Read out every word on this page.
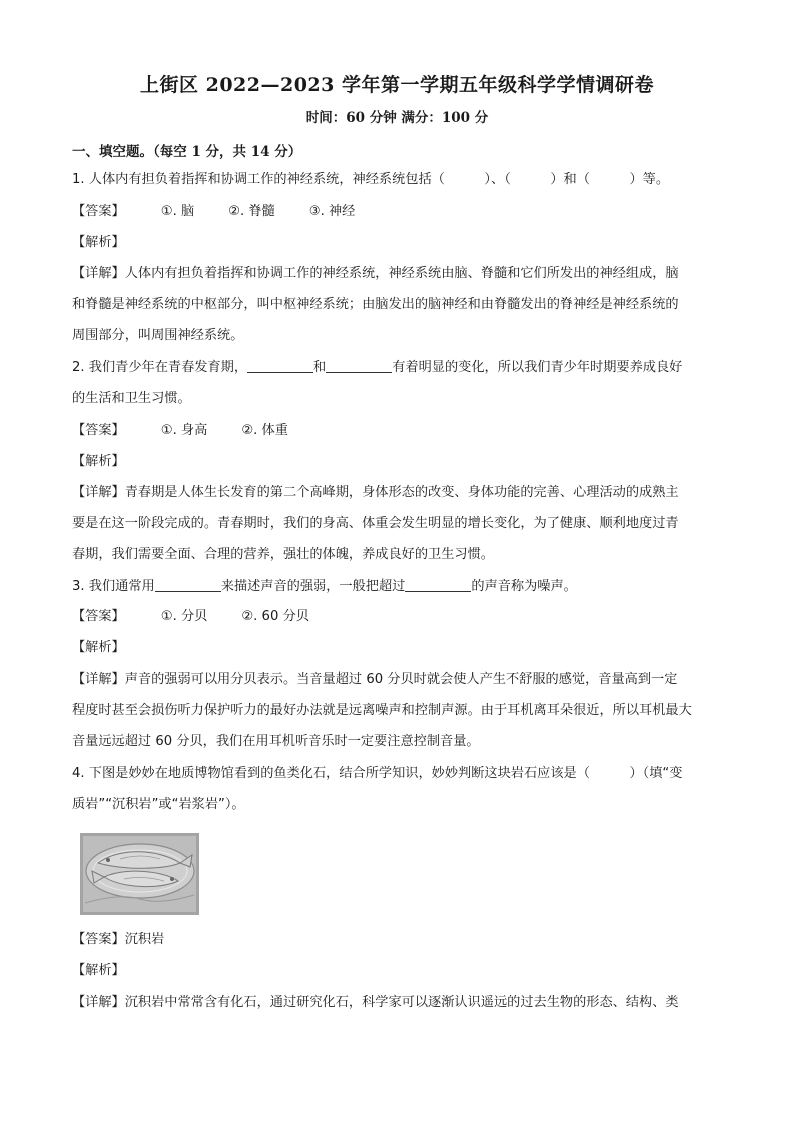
上街区 2022—2023 学年第一学期五年级科学学情调研卷
时间：60 分钟 满分：100 分
一、填空题。（每空 1 分，共 14 分）
1. 人体内有担负着指挥和协调工作的神经系统，神经系统包括（　　　）、（　　　）和（　　　）等。
【答案】	①. 脑	②. 脊髓	③. 神经
【解析】
【详解】人体内有担负着指挥和协调工作的神经系统，神经系统由脑、脊髓和它们所发出的神经组成，脑
和脊髓是神经系统的中枢部分，叫中枢神经系统；由脑发出的脑神经和由脊髓发出的脊神经是神经系统的
周围部分，叫周围神经系统。
2. 我们青少年在青春发育期，	和	有着明显的变化，所以我们青少年时期要养成良好
的生活和卫生习惯。
【答案】	①. 身高	②. 体重
【解析】
【详解】青春期是人体生长发育的第二个高峰期，身体形态的改变、身体功能的完善、心理活动的成熟主
要是在这一阶段完成的。青春期时，我们的身高、体重会发生明显的增长变化，为了健康、顺利地度过青
春期，我们需要全面、合理的营养，强壮的体魄，养成良好的卫生习惯。
3. 我们通常用	来描述声音的强弱，一般把超过	的声音称为噪声。
【答案】	①. 分贝	②. 60 分贝
【解析】
【详解】声音的强弱可以用分贝表示。当音量超过 60 分贝时就会使人产生不舒服的感觉，音量高到一定
程度时甚至会损伤听力保护听力的最好办法就是远离噪声和控制声源。由于耳机离耳朵很近，所以耳机最大
音量远远超过 60 分贝，我们在用耳机听音乐时一定要注意控制音量。
4. 下图是妙妙在地质博物馆看到的鱼类化石，结合所学知识，妙妙判断这块岩石应该是（　　　）（填“变
质岩”“沉积岩”或“岩浆岩”）。
【答案】沉积岩
【解析】
【详解】沉积岩中常常含有化石，通过研究化石，科学家可以逐渐认识遥远的过去生物的形态、结构、类
